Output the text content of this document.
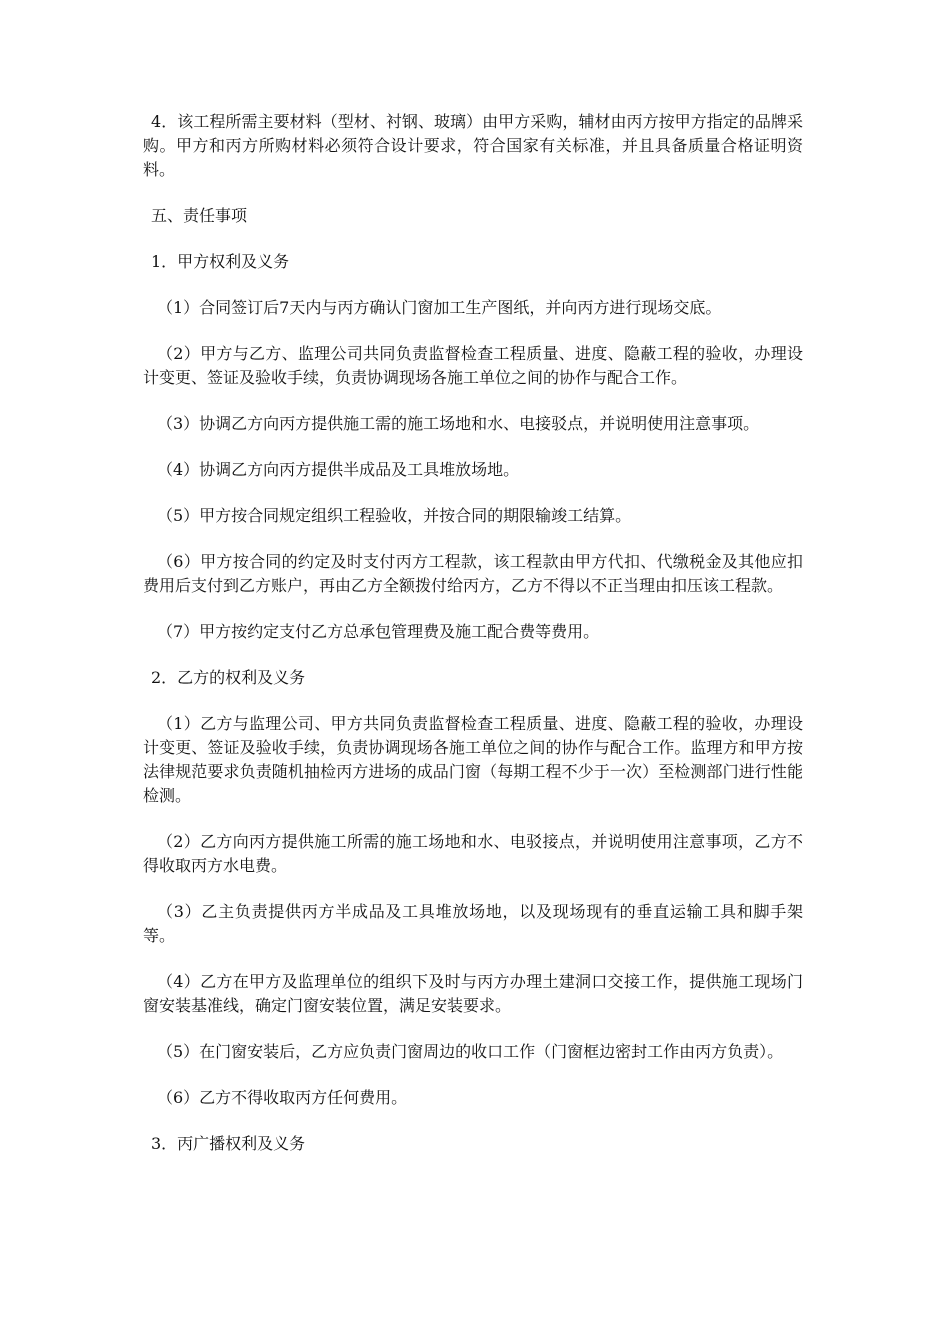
4．该工程所需主要材料（型材、衬钢、玻璃）由甲方采购，辅材由丙方按甲方指定的品牌采购。甲方和丙方所购材料必须符合设计要求，符合国家有关标准，并且具备质量合格证明资料。

五、责任事项

1．甲方权利及义务

（1）合同签订后7天内与丙方确认门窗加工生产图纸，并向丙方进行现场交底。

（2）甲方与乙方、监理公司共同负责监督检查工程质量、进度、隐蔽工程的验收，办理设计变更、签证及验收手续，负责协调现场各施工单位之间的协作与配合工作。

（3）协调乙方向丙方提供施工需的施工场地和水、电接驳点，并说明使用注意事项。

（4）协调乙方向丙方提供半成品及工具堆放场地。

（5）甲方按合同规定组织工程验收，并按合同的期限输竣工结算。

（6）甲方按合同的约定及时支付丙方工程款，该工程款由甲方代扣、代缴税金及其他应扣费用后支付到乙方账户，再由乙方全额拨付给丙方，乙方不得以不正当理由扣压该工程款。

（7）甲方按约定支付乙方总承包管理费及施工配合费等费用。

2．乙方的权利及义务

（1）乙方与监理公司、甲方共同负责监督检查工程质量、进度、隐蔽工程的验收，办理设计变更、签证及验收手续，负责协调现场各施工单位之间的协作与配合工作。监理方和甲方按法律规范要求负责随机抽检丙方进场的成品门窗（每期工程不少于一次）至检测部门进行性能检测。

（2）乙方向丙方提供施工所需的施工场地和水、电驳接点，并说明使用注意事项，乙方不得收取丙方水电费。

（3）乙主负责提供丙方半成品及工具堆放场地，以及现场现有的垂直运输工具和脚手架等。

（4）乙方在甲方及监理单位的组织下及时与丙方办理土建洞口交接工作，提供施工现场门窗安装基准线，确定门窗安装位置，满足安装要求。

（5）在门窗安装后，乙方应负责门窗周边的收口工作（门窗框边密封工作由丙方负责）。

（6）乙方不得收取丙方任何费用。

3．丙广播权利及义务
